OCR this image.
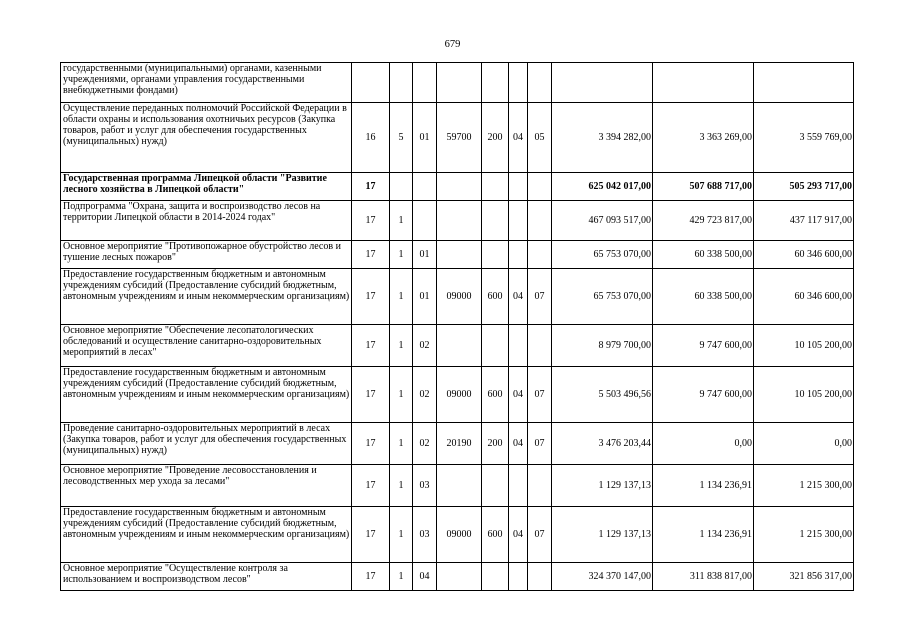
679
государственными (муниципальными) органами, казенными учреждениями, органами управления государственными внебюджетными фондами)										
Осуществление переданных полномочий Российской Федерации в области охраны и использования охотничьих ресурсов (Закупка товаров, работ и услуг для обеспечения государственных (муниципальных) нужд)	16	5	01	59700	200	04	05	3 394 282,00	3 363 269,00	3 559 769,00
Государственная программа Липецкой области "Развитие лесного хозяйства в Липецкой области"	17							625 042 017,00	507 688 717,00	505 293 717,00
Подпрограмма "Охрана, защита и воспроизводство лесов на территории Липецкой области в 2014-2024 годах"	17	1						467 093 517,00	429 723 817,00	437 117 917,00
Основное мероприятие "Противопожарное обустройство лесов и тушение лесных пожаров"	17	1	01					65 753 070,00	60 338 500,00	60 346 600,00
Предоставление государственным бюджетным и автономным учреждениям субсидий (Предоставление субсидий бюджетным, автономным учреждениям и иным некоммерческим организациям)	17	1	01	09000	600	04	07	65 753 070,00	60 338 500,00	60 346 600,00
Основное мероприятие "Обеспечение лесопатологических обследований и осуществление санитарно-оздоровительных мероприятий в лесах"	17	1	02					8 979 700,00	9 747 600,00	10 105 200,00
Предоставление государственным бюджетным и автономным учреждениям субсидий (Предоставление субсидий бюджетным, автономным учреждениям и иным некоммерческим организациям)	17	1	02	09000	600	04	07	5 503 496,56	9 747 600,00	10 105 200,00
Проведение санитарно-оздоровительных мероприятий в лесах (Закупка товаров, работ и услуг для обеспечения государственных (муниципальных) нужд)	17	1	02	20190	200	04	07	3 476 203,44	0,00	0,00
Основное мероприятие "Проведение лесовосстановления и лесоводственных мер ухода за лесами"	17	1	03					1 129 137,13	1 134 236,91	1 215 300,00
Предоставление государственным бюджетным и автономным учреждениям субсидий (Предоставление субсидий бюджетным, автономным учреждениям и иным некоммерческим организациям)	17	1	03	09000	600	04	07	1 129 137,13	1 134 236,91	1 215 300,00
Основное мероприятие "Осуществление контроля за использованием и воспроизводством лесов"	17	1	04					324 370 147,00	311 838 817,00	321 856 317,00
